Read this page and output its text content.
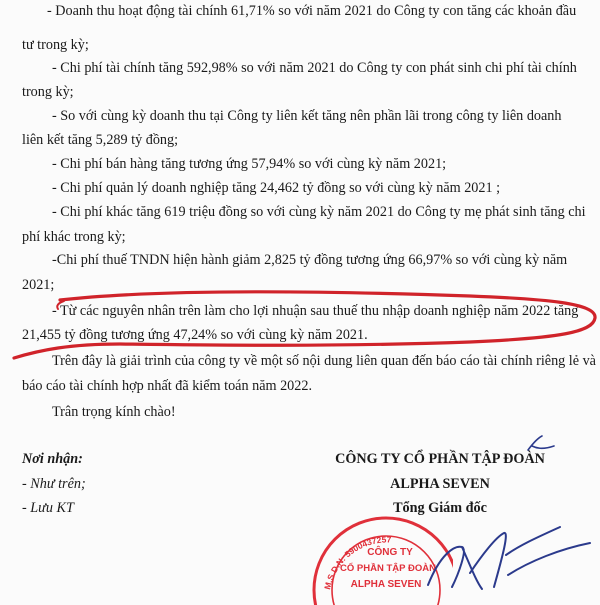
- Doanh thu hoạt động tài chính 61,71% so với năm 2021 do Công ty con tăng các khoản đầu
tư trong kỳ;
- Chi phí tài chính tăng 592,98% so với năm 2021 do Công ty con phát sinh chi phí tài chính
trong kỳ;
- So với cùng kỳ doanh thu tại Công ty liên kết tăng nên phần lãi trong công ty liên doanh
liên kết tăng 5,289 tỷ đồng;
- Chi phí bán hàng tăng tương ứng 57,94% so với cùng kỳ năm 2021;
- Chi phí quản lý doanh nghiệp tăng 24,462 tỷ đồng so với cùng kỳ năm 2021 ;
- Chi phí khác tăng 619 triệu đồng so với cùng kỳ năm 2021 do Công ty mẹ phát sinh tăng chi
phí khác trong kỳ;
-Chi phí thuế TNDN hiện hành giảm 2,825 tỷ đồng tương ứng 66,97% so với cùng kỳ năm
2021;
- Từ các nguyên nhân trên làm cho lợi nhuận sau thuế thu nhập doanh nghiệp năm 2022 tăng
21,455 tỷ đồng tương ứng 47,24% so với cùng kỳ năm 2021.
Trên đây là giải trình của công ty về một số nội dung liên quan đến báo cáo tài chính riêng lẻ và
báo cáo tài chính hợp nhất đã kiểm toán năm 2022.
Trân trọng kính chào!
Nơi nhận:
- Như trên;
- Lưu KT
CÔNG TY CỔ PHẦN TẬP ĐOÀN
ALPHA SEVEN
Tổng Giám đốc
M.S.D.N: 5900437257
CÔNG TY
CỔ PHẦN TẬP ĐOÀN
ALPHA SEVEN
